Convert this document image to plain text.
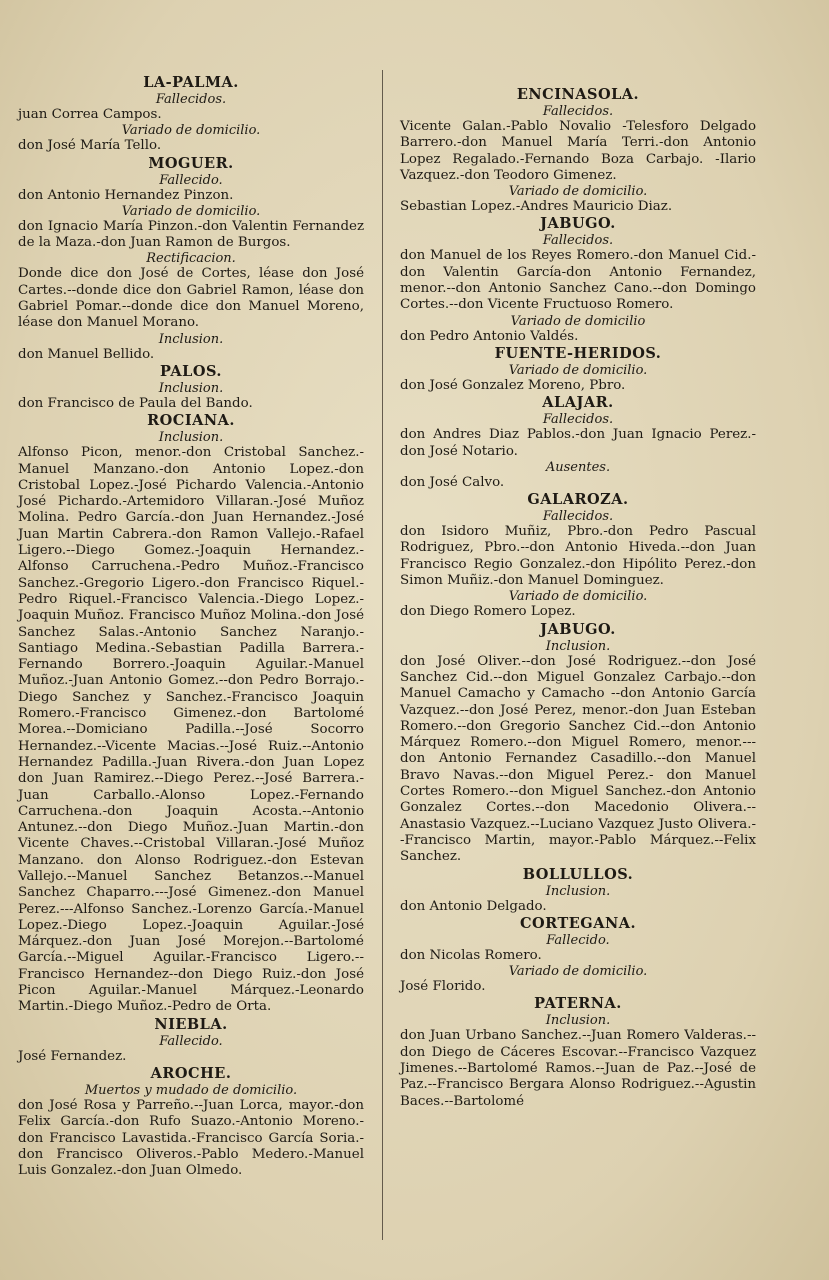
LA-PALMA.

Fallecidos.

juan Correa Campos.

Variado de domicilio.

don José María Tello.

MOGUER.

Fallecido.

don Antonio Hernandez Pinzon.

Variado de domicilio.

don Ignacio María Pinzon.-don Valentin Fernandez de la Maza.-don Juan Ramon de Burgos.

Rectificacion.

Donde dice don José de Cortes, léase don José Cartes.--donde dice don Gabriel Ramon, léase don Gabriel Pomar.--donde dice don Manuel Moreno, léase don Manuel Morano.

Inclusion.

don Manuel Bellido.

PALOS.

Inclusion.

don Francisco de Paula del Bando.

ROCIANA.

Inclusion.

Alfonso Picon, menor.-don Cristobal Sanchez.-Manuel Manzano.-don Antonio Lopez.-don Cristobal Lopez.-José Pichardo Valencia.-Antonio José Pichardo.-Artemidoro Villaran.-José Muñoz Molina. Pedro García.-don Juan Hernandez.-José Juan Martin Cabrera.-don Ramon Vallejo.-Rafael Ligero.--Diego Gomez.-Joaquin Hernandez.-Alfonso Carruchena.-Pedro Muñoz.-Francisco Sanchez.-Gregorio Ligero.-don Francisco Riquel.-Pedro Riquel.-Francisco Valencia.-Diego Lopez.-Joaquin Muñoz. Francisco Muñoz Molina.-don José Sanchez Salas.-Antonio Sanchez Naranjo.-Santiago Medina.-Sebastian Padilla Barrera.-Fernando Borrero.-Joaquin Aguilar.-Manuel Muñoz.-Juan Antonio Gomez.--don Pedro Borrajo.-Diego Sanchez y Sanchez.-Francisco Joaquin Romero.-Francisco Gimenez.-don Bartolomé Morea.--Domiciano Padilla.--José Socorro Hernandez.--Vicente Macias.--José Ruiz.--Antonio Hernandez Padilla.-Juan Rivera.-don Juan Lopez don Juan Ramirez.--Diego Perez.--José Barrera.-Juan Carballo.-Alonso Lopez.-Fernando Carruchena.-don Joaquin Acosta.--Antonio Antunez.--don Diego Muñoz.-Juan Martin.-don Vicente Chaves.--Cristobal Villaran.-José Muñoz Manzano. don Alonso Rodriguez.-don Estevan Vallejo.--Manuel Sanchez Betanzos.--Manuel Sanchez Chaparro.---José Gimenez.-don Manuel Perez.---Alfonso Sanchez.-Lorenzo García.-Manuel Lopez.-Diego Lopez.-Joaquin Aguilar.-José Márquez.-don Juan José Morejon.--Bartolomé García.--Miguel Aguilar.-Francisco Ligero.--Francisco Hernandez--don Diego Ruiz.-don José Picon Aguilar.-Manuel Márquez.-Leonardo Martin.-Diego Muñoz.-Pedro de Orta.

NIEBLA.

Fallecido.

José Fernandez.

AROCHE.

Muertos y mudado de domicilio.

don José Rosa y Parreño.--Juan Lorca, mayor.-don Felix García.-don Rufo Suazo.-Antonio Moreno.-don Francisco Lavastida.-Francisco García Soria.-don Francisco Oliveros.-Pablo Medero.-Manuel Luis Gonzalez.-don Juan Olmedo.

ENCINASOLA.

Fallecidos.

Vicente Galan.-Pablo Novalio -Telesforo Delgado Barrero.-don Manuel María Terri.-don Antonio Lopez Regalado.-Fernando Boza Carbajo. -Ilario Vazquez.-don Teodoro Gimenez.

Variado de domicilio.

Sebastian Lopez.-Andres Mauricio Diaz.

JABUGO.

Fallecidos.

don Manuel de los Reyes Romero.-don Manuel Cid.-don Valentin García-don Antonio Fernandez, menor.--don Antonio Sanchez Cano.--don Domingo Cortes.--don Vicente Fructuoso Romero.

Variado de domicilio

don Pedro Antonio Valdés.

FUENTE-HERIDOS.

Variado de domicilio.

don José Gonzalez Moreno, Pbro.

ALAJAR.

Fallecidos.

don Andres Diaz Pablos.-don Juan Ignacio Perez.-don José Notario.

Ausentes.

don José Calvo.

GALAROZA.

Fallecidos.

don Isidoro Muñiz, Pbro.-don Pedro Pascual Rodriguez, Pbro.--don Antonio Hiveda.--don Juan Francisco Regio Gonzalez.-don Hipólito Perez.-don Simon Muñiz.-don Manuel Dominguez.

Variado de domicilio.

don Diego Romero Lopez.

JABUGO.

Inclusion.

don José Oliver.--don José Rodriguez.--don José Sanchez Cid.--don Miguel Gonzalez Carbajo.--don Manuel Camacho y Camacho --don Antonio García Vazquez.--don José Perez, menor.-don Juan Esteban Romero.--don Gregorio Sanchez Cid.--don Antonio Márquez Romero.--don Miguel Romero, menor.---don Antonio Fernandez Casadillo.--don Manuel Bravo Navas.--don Miguel Perez.- don Manuel Cortes Romero.--don Miguel Sanchez.-don Antonio Gonzalez Cortes.--don Macedonio Olivera.--Anastasio Vazquez.--Luciano Vazquez Justo Olivera.--Francisco Martin, mayor.-Pablo Márquez.--Felix Sanchez.

BOLLULLOS.

Inclusion.

don Antonio Delgado.

CORTEGANA.

Fallecido.

don Nicolas Romero.

Variado de domicilio.

José Florido.

PATERNA.

Inclusion.

don Juan Urbano Sanchez.--Juan Romero Valderas.--don Diego de Cáceres Escovar.--Francisco Vazquez Jimenes.--Bartolomé Ramos.--Juan de Paz.--José de Paz.--Francisco Bergara Alonso Rodriguez.--Agustin Baces.--Bartolomé
